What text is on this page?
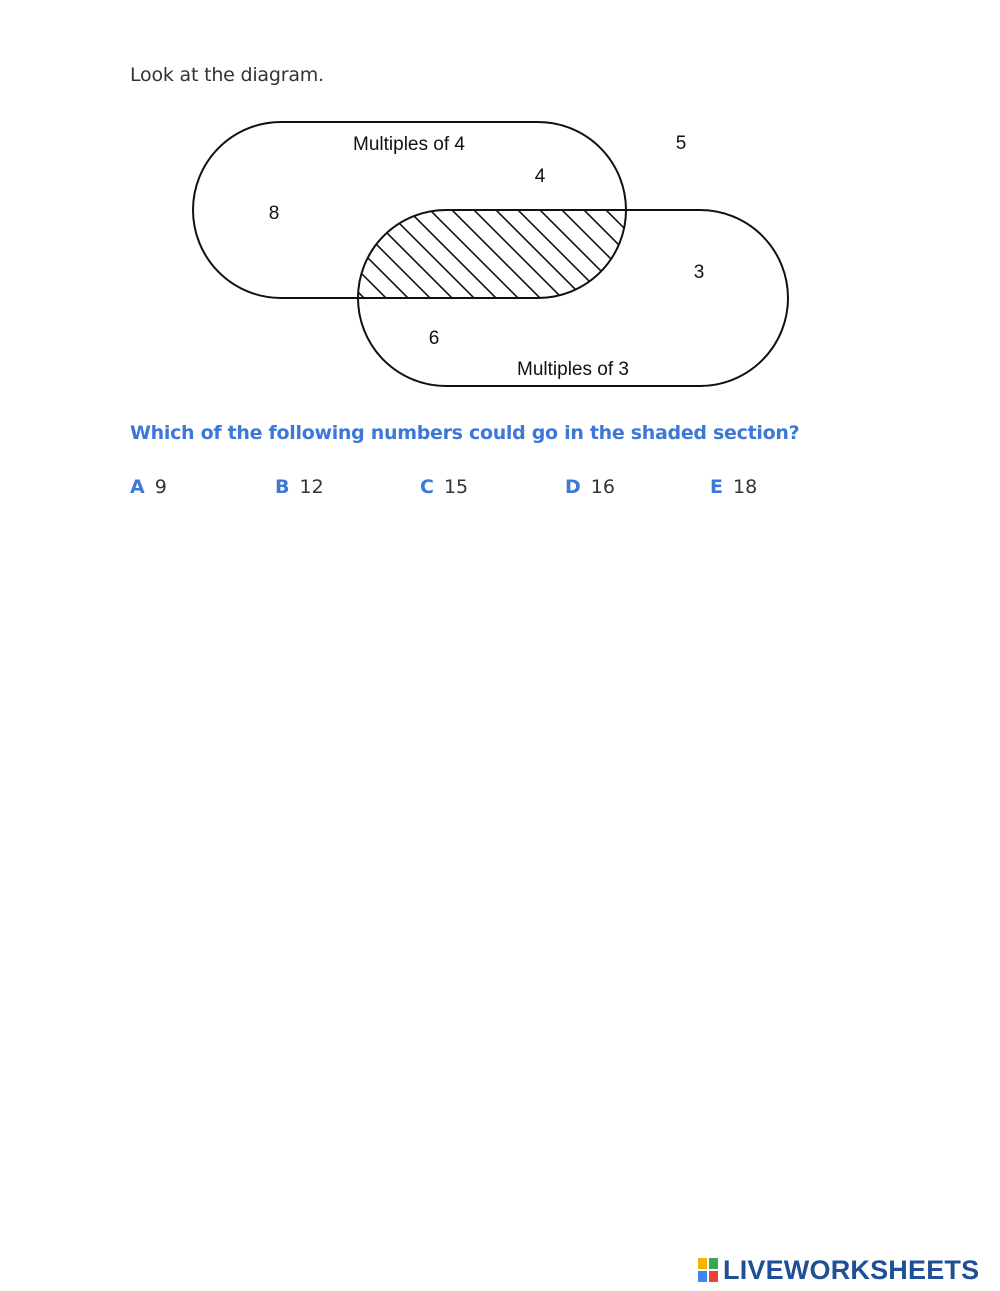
Look at the diagram.
Multiples of 4
Multiples of 3
8
4
3
6
5
Which of the following numbers could go in the shaded section?
A 9	B 12	C 15	D 16	E 18
LIVEWORKSHEETS
